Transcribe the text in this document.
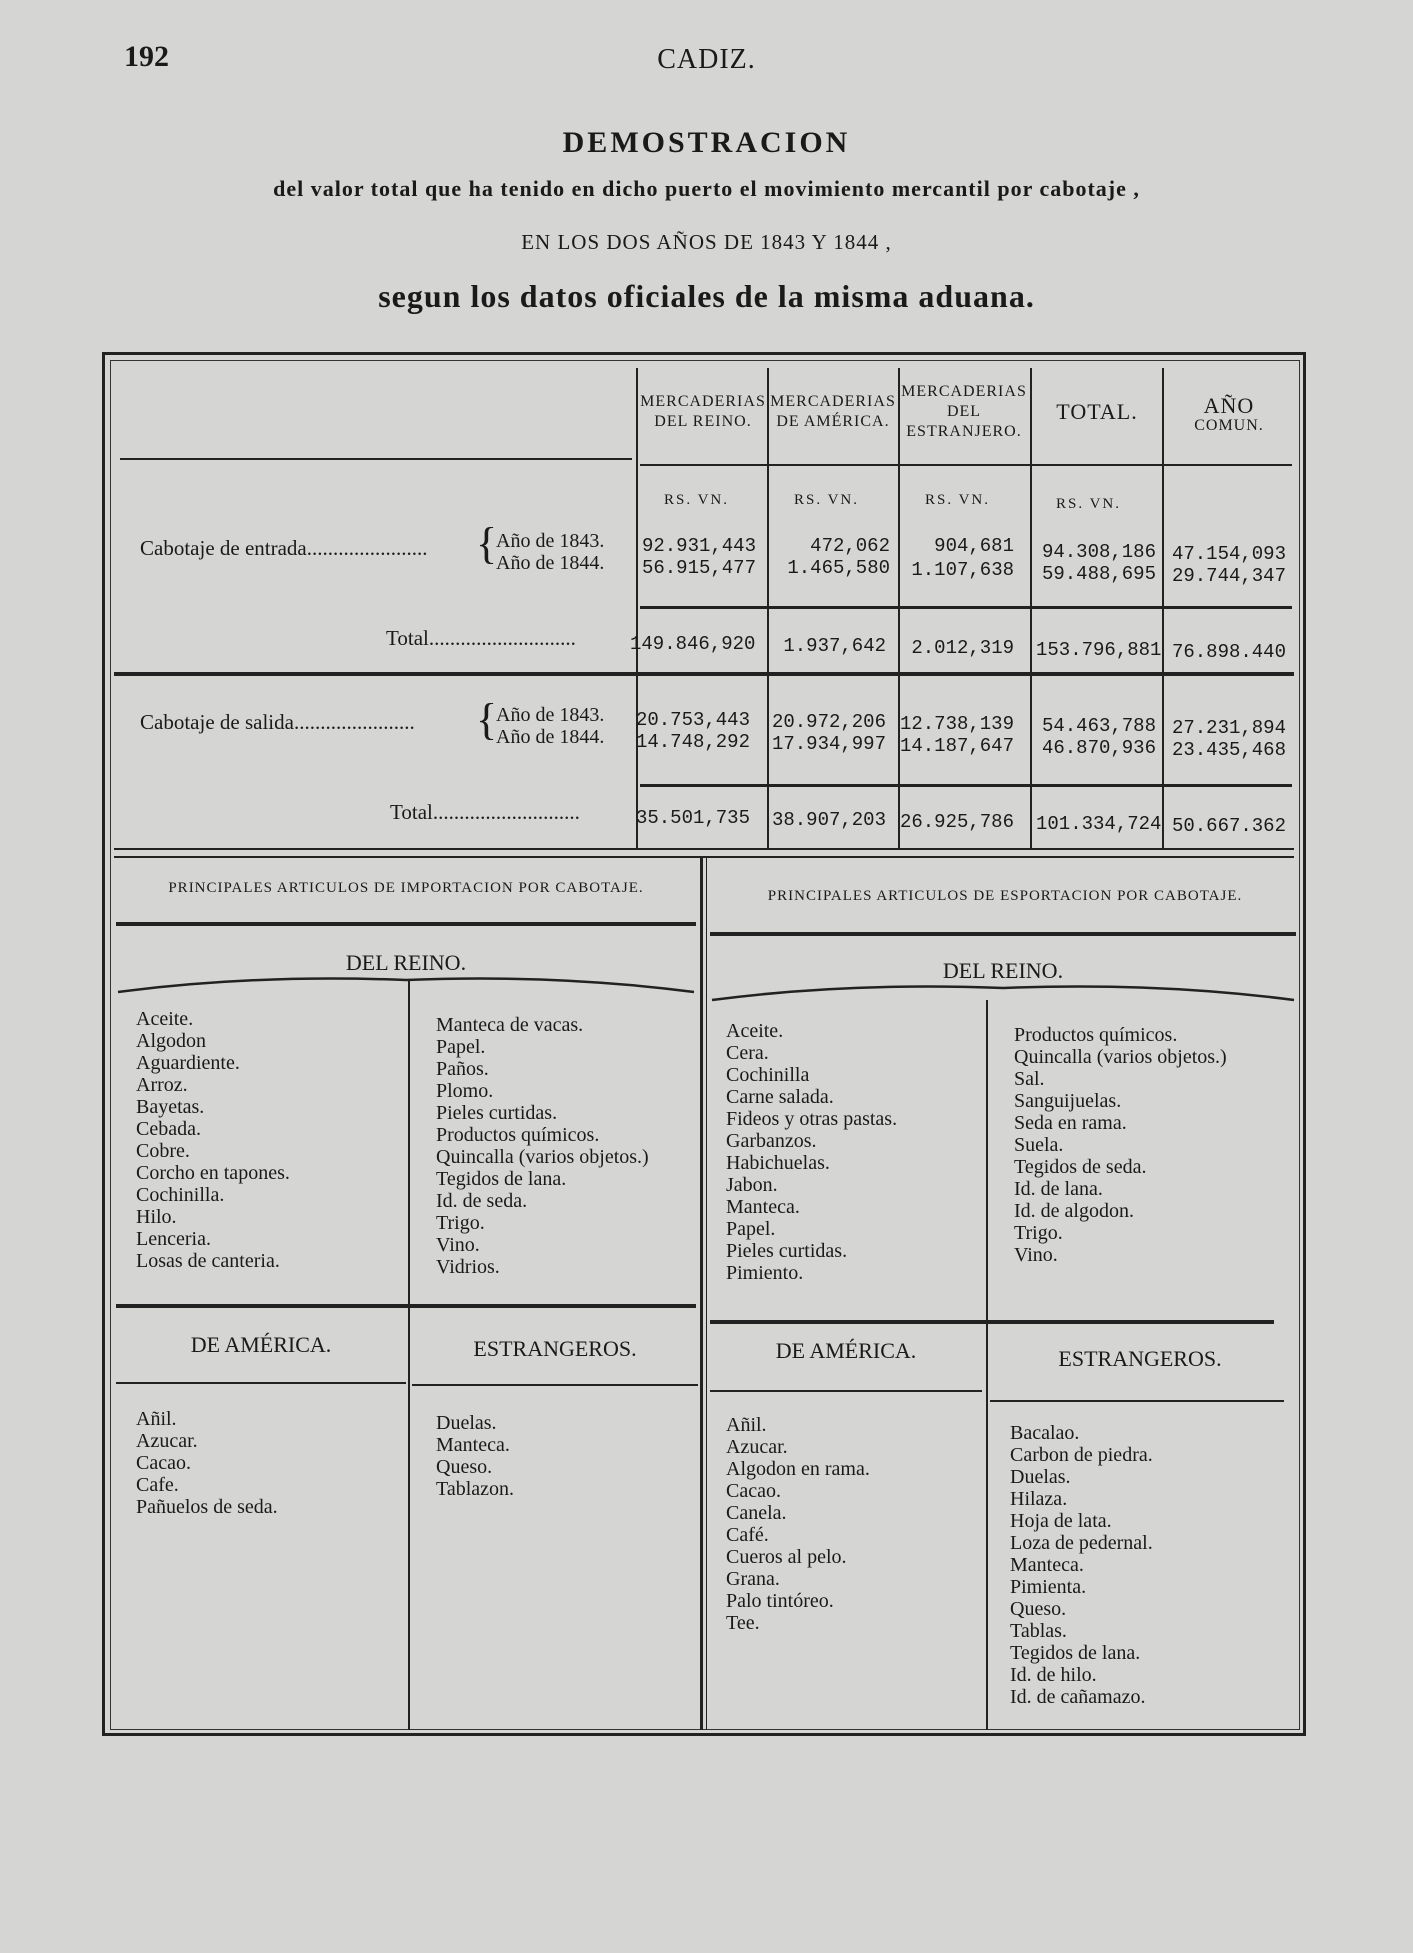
192	CADIZ.
DEMOSTRACION
del valor total que ha tenido en dicho puerto el movimiento mercantil por cabotaje ,
EN LOS DOS AÑOS DE 1843 Y 1844 ,
segun los datos oficiales de la misma aduana.
MERCADERIAS
DEL REINO.
MERCADERIAS
DE AMÉRICA.
MERCADERIAS
DEL
ESTRANJERO.
TOTAL.	AÑO
COMUN.
RS. VN.	RS. VN.	RS. VN.	RS. VN.
Cabotaje de entrada....................... {
Año de 1843.
Año de 1844.
92.931,443	472,062	904,681	94.308,186 47.154,093
56.915,477	1.465,580	1.107,638	59.488,695 29.744,347
Total............................	149.846,920	1.937,642	2.012,319 153.796,881 76.898.440
Cabotaje de salida....................... {
Año de 1843.
Año de 1844.
20.753,443	20.972,206 12.738,139	54.463,788 27.231,894
14.748,292	17.934,997 14.187,647	46.870,936 23.435,468
Total............................	35.501,735	38.907,203 26.925,786 101.334,724 50.667.362
PRINCIPALES ARTICULOS DE IMPORTACION POR CABOTAJE.	PRINCIPALES ARTICULOS DE ESPORTACION POR CABOTAJE.
DEL REINO.	DEL REINO.
Aceite.
Algodon
Aguardiente.
Arroz.
Bayetas.
Cebada.
Cobre.
Corcho en tapones.
Cochinilla.
Hilo.
Lenceria.
Losas de canteria.
Manteca de vacas.
Papel.
Paños.
Plomo.
Pieles curtidas.
Productos químicos.
Quincalla (varios objetos.)
Tegidos de lana.
Id. de seda.
Trigo.
Vino.
Vidrios.
Aceite.
Cera.
Cochinilla
Carne salada.
Fideos y otras pastas.
Garbanzos.
Habichuelas.
Jabon.
Manteca.
Papel.
Pieles curtidas.
Pimiento.
Productos químicos.
Quincalla (varios objetos.)
Sal.
Sanguijuelas.
Seda en rama.
Suela.
Tegidos de seda.
Id. de lana.
Id. de algodon.
Trigo.
Vino.
DE AMÉRICA.	ESTRANGEROS.
Añil.
Azucar.
Cacao.
Cafe.
Pañuelos de seda.
Duelas.
Manteca.
Queso.
Tablazon.
DE AMÉRICA.	ESTRANGEROS.
Añil.
Azucar.
Algodon en rama.
Cacao.
Canela.
Café.
Cueros al pelo.
Grana.
Palo tintóreo.
Tee.
Bacalao.
Carbon de piedra.
Duelas.
Hilaza.
Hoja de lata.
Loza de pedernal.
Manteca.
Pimienta.
Queso.
Tablas.
Tegidos de lana.
Id. de hilo.
Id. de cañamazo.
